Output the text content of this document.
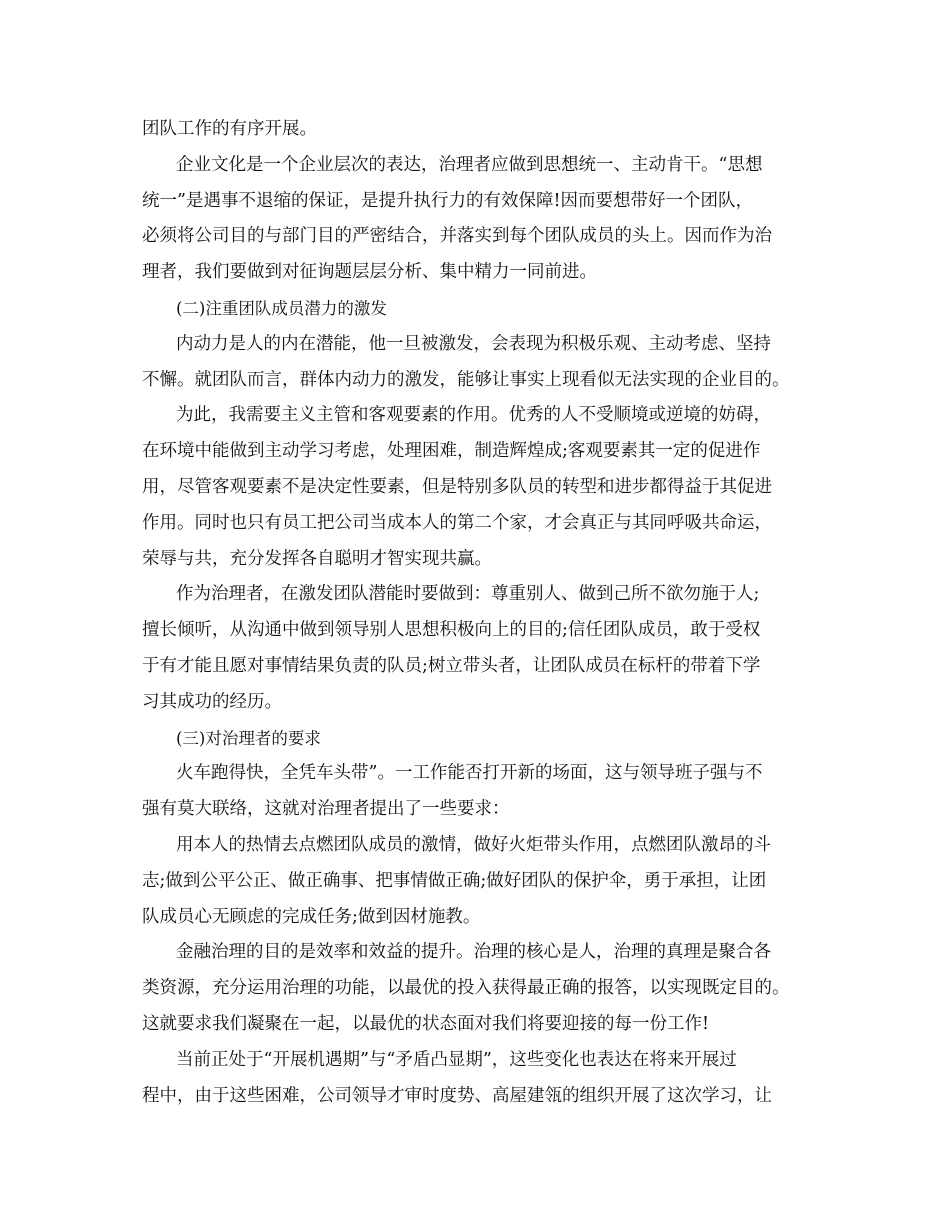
团队工作的有序开展。
企业文化是一个企业层次的表达，治理者应做到思想统一、主动肯干。“思想
统一”是遇事不退缩的保证，是提升执行力的有效保障!因而要想带好一个团队，
必须将公司目的与部门目的严密结合，并落实到每个团队成员的头上。因而作为治
理者，我们要做到对征询题层层分析、集中精力一同前进。
(二)注重团队成员潜力的激发
内动力是人的内在潜能，他一旦被激发，会表现为积极乐观、主动考虑、坚持
不懈。就团队而言，群体内动力的激发，能够让事实上现看似无法实现的企业目的。
为此，我需要主义主管和客观要素的作用。优秀的人不受顺境或逆境的妨碍，
在环境中能做到主动学习考虑，处理困难，制造辉煌成;客观要素其一定的促进作
用，尽管客观要素不是决定性要素，但是特别多队员的转型和进步都得益于其促进
作用。同时也只有员工把公司当成本人的第二个家，才会真正与其同呼吸共命运，
荣辱与共，充分发挥各自聪明才智实现共赢。
作为治理者，在激发团队潜能时要做到：尊重别人、做到己所不欲勿施于人;
擅长倾听，从沟通中做到领导别人思想积极向上的目的;信任团队成员，敢于受权
于有才能且愿对事情结果负责的队员;树立带头者，让团队成员在标杆的带着下学
习其成功的经历。
(三)对治理者的要求
火车跑得快，全凭车头带”。一工作能否打开新的场面，这与领导班子强与不
强有莫大联络，这就对治理者提出了一些要求：
用本人的热情去点燃团队成员的激情，做好火炬带头作用，点燃团队激昂的斗
志;做到公平公正、做正确事、把事情做正确;做好团队的保护伞，勇于承担，让团
队成员心无顾虑的完成任务;做到因材施教。
金融治理的目的是效率和效益的提升。治理的核心是人，治理的真理是聚合各
类资源，充分运用治理的功能，以最优的投入获得最正确的报答，以实现既定目的。
这就要求我们凝聚在一起，以最优的状态面对我们将要迎接的每一份工作!
当前正处于“开展机遇期”与“矛盾凸显期”，这些变化也表达在将来开展过
程中，由于这些困难，公司领导才审时度势、高屋建瓴的组织开展了这次学习，让
